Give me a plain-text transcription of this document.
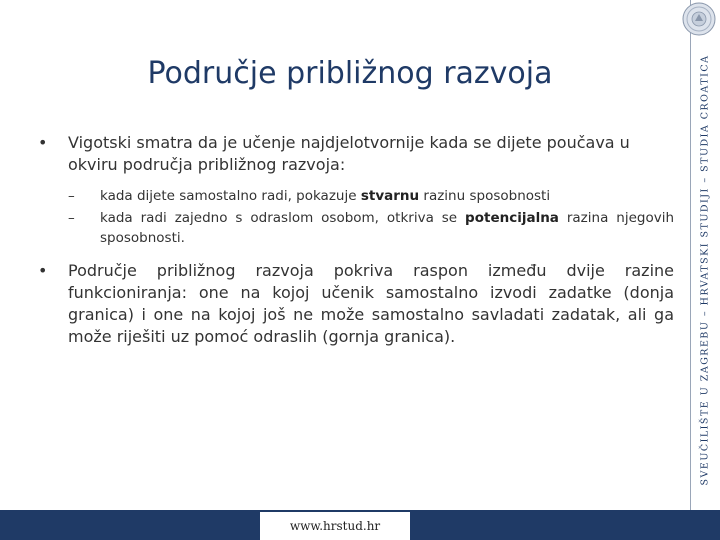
Područje približnog razvoja
•	Vigotski smatra da je učenje najdjelotvornije kada se dijete poučava u okviru područja približnog razvoja:
–	kada dijete samostalno radi, pokazuje stvarnu razinu sposobnosti
–	kada radi zajedno s odraslom osobom, otkriva se potencijalna razina njegovih sposobnosti.
•	Područje približnog razvoja pokriva raspon između dvije razine funkcioniranja: one na kojoj učenik samostalno izvodi zadatke (donja granica) i one na kojoj još ne može samostalno savladati zadatak, ali ga može riješiti uz pomoć odraslih (gornja granica).	SVEUČILIŠTE U ZAGREBU – HRVATSKI STUDIJI – STUDIA CROATICA
www.hrstud.hr
